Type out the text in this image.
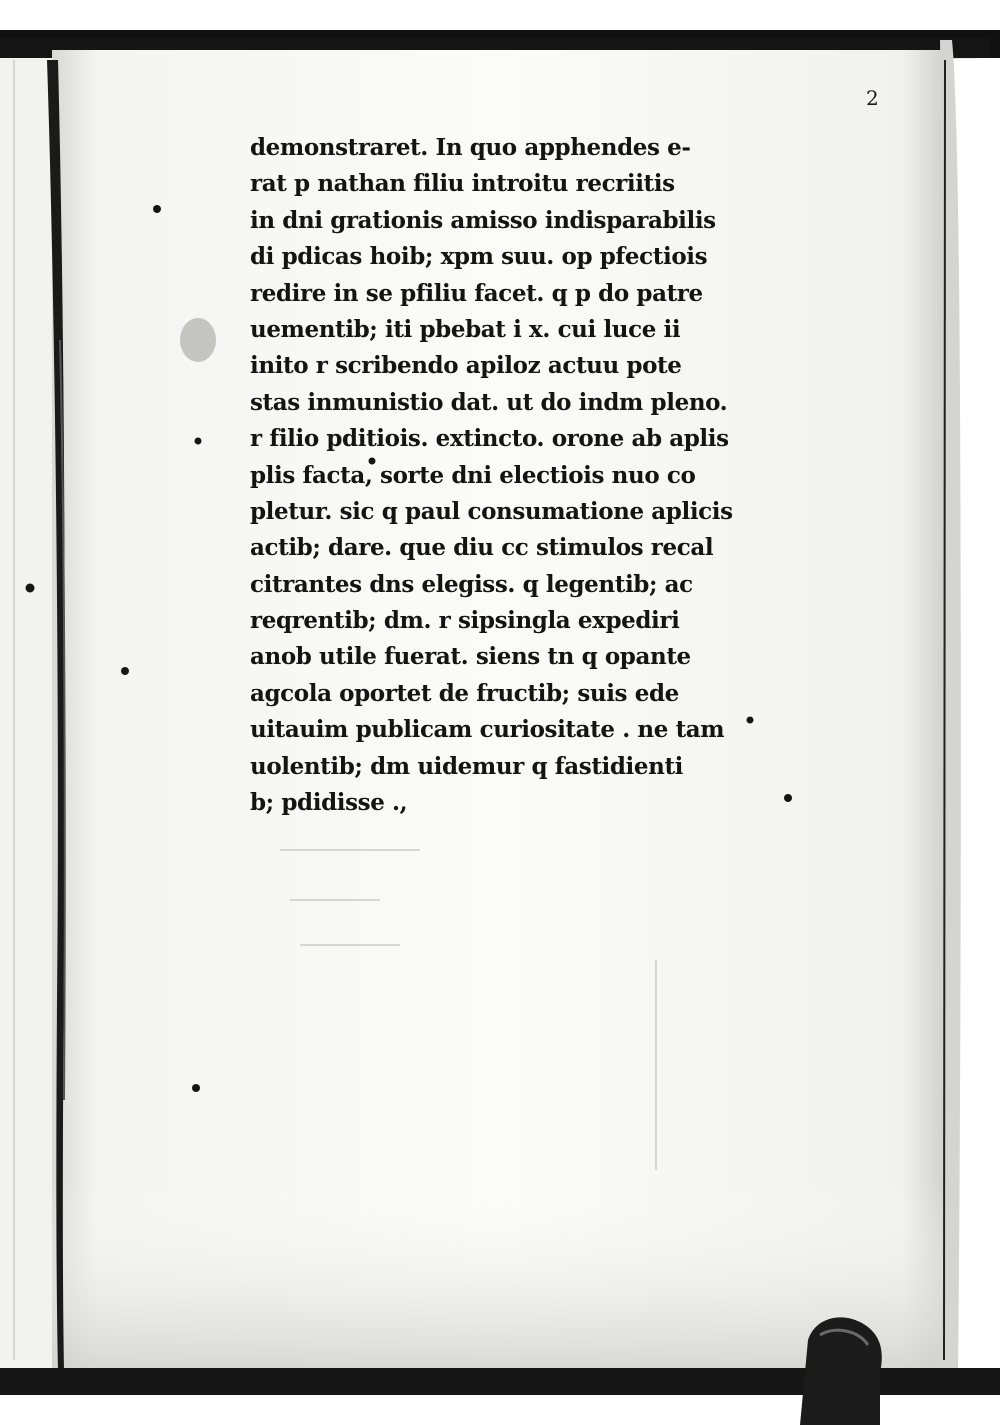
2
demonstraret. In quo apphendes e-
rat p nathan filiu introitu recriitis
in dni grationis amisso indisparabilis
di pdicas hoib; xpm suu. op pfectiois
redire in se pfiliu facet. q p do patre
uementib; iti pbebat i x. cui luce ii
inito r scribendo apiloz actuu pote
stas inmunistio dat. ut do indm pleno.
r filio pditiois. extincto. orone ab aplis
plis facta, sorte dni electiois nuo co
pletur. sic q paul consumatione aplicis
actib; dare. que diu cc stimulos recal
citrantes dns elegiss. q legentib; ac
reqrentib; dm. r sipsingla expediri
anob utile fuerat. siens tn q opante
agcola oportet de fructib; suis ede
uitauim publicam curiositate . ne tam
uolentib; dm uidemur q fastidienti
b; pdidisse .,
